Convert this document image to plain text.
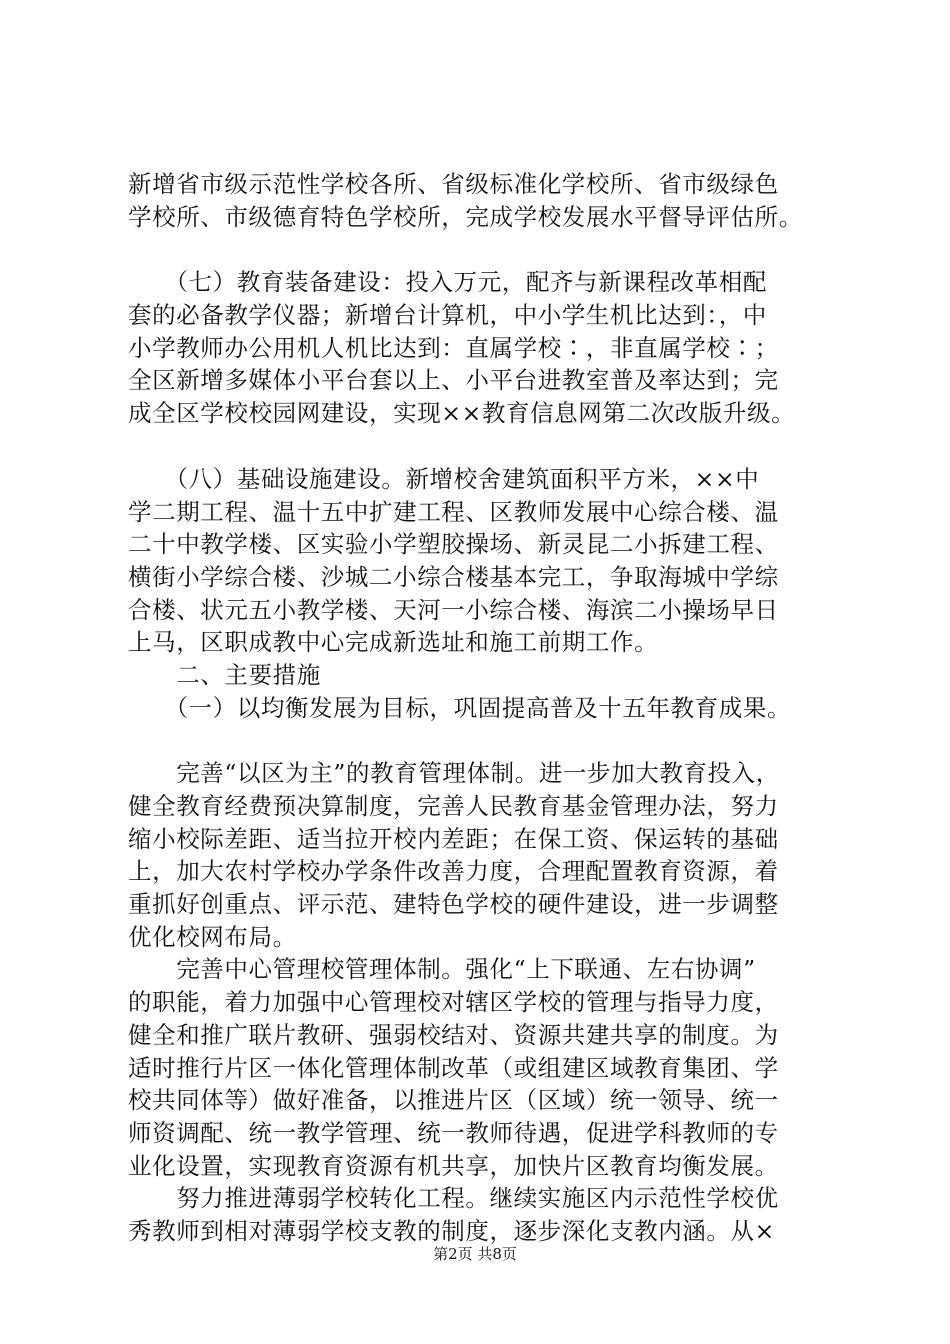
新增省市级示范性学校各所、省级标准化学校所、省市级绿色
学校所、市级德育特色学校所，完成学校发展水平督导评估所。
　　（七）教育装备建设：投入万元，配齐与新课程改革相配
套的必备教学仪器；新增台计算机，中小学生机比达到：，中
小学教师办公用机人机比达到：直属学校∶，非直属学校∶；
全区新增多媒体小平台套以上、小平台进教室普及率达到；完
成全区学校校园网建设，实现××教育信息网第二次改版升级。
　　（八）基础设施建设。新增校舍建筑面积平方米，××中
学二期工程、温十五中扩建工程、区教师发展中心综合楼、温
二十中教学楼、区实验小学塑胶操场、新灵昆二小拆建工程、
横街小学综合楼、沙城二小综合楼基本完工，争取海城中学综
合楼、状元五小教学楼、天河一小综合楼、海滨二小操场早日
上马，区职成教中心完成新选址和施工前期工作。
　　二、主要措施
　　（一）以均衡发展为目标，巩固提高普及十五年教育成果。
　　完善“以区为主”的教育管理体制。进一步加大教育投入，
健全教育经费预决算制度，完善人民教育基金管理办法，努力
缩小校际差距、适当拉开校内差距；在保工资、保运转的基础
上，加大农村学校办学条件改善力度，合理配置教育资源，着
重抓好创重点、评示范、建特色学校的硬件建设，进一步调整
优化校网布局。
　　完善中心管理校管理体制。强化“上下联通、左右协调”
的职能，着力加强中心管理校对辖区学校的管理与指导力度，
健全和推广联片教研、强弱校结对、资源共建共享的制度。为
适时推行片区一体化管理体制改革（或组建区域教育集团、学
校共同体等）做好准备，以推进片区（区域）统一领导、统一
师资调配、统一教学管理、统一教师待遇，促进学科教师的专
业化设置，实现教育资源有机共享，加快片区教育均衡发展。
　　努力推进薄弱学校转化工程。继续实施区内示范性学校优
秀教师到相对薄弱学校支教的制度，逐步深化支教内涵。从×
第2页 共8页
